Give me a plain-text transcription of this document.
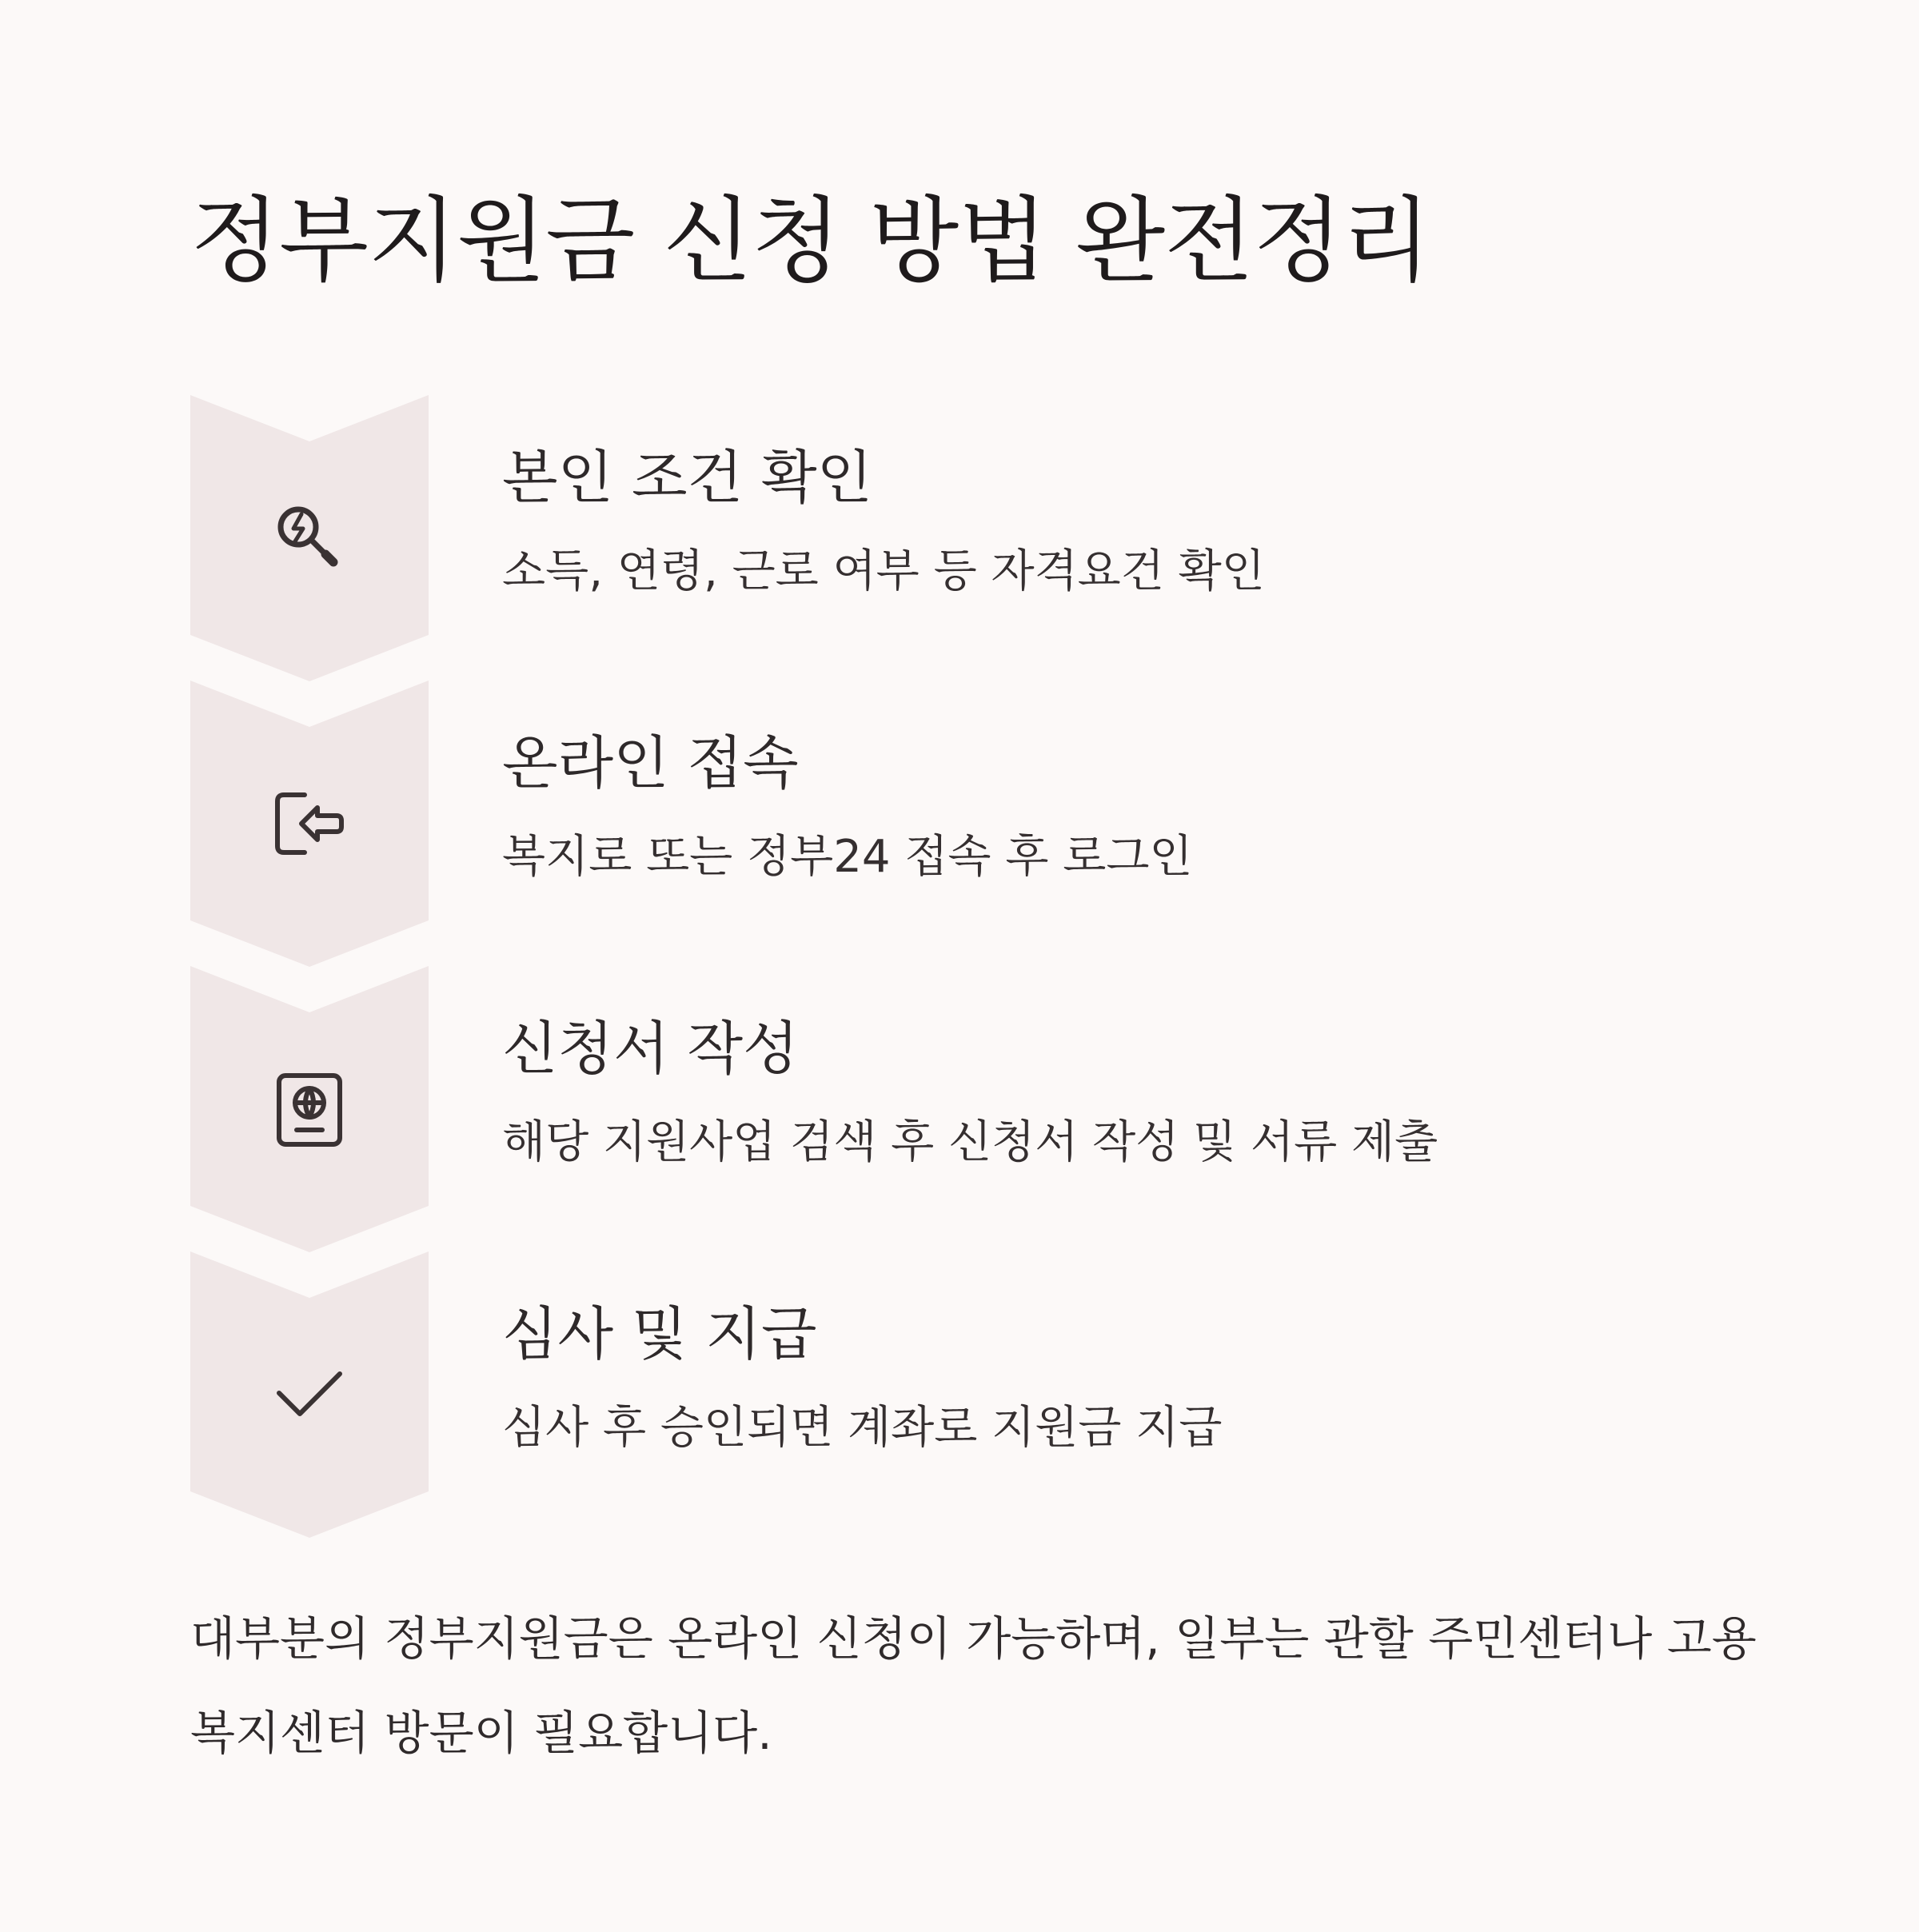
정부지원금 신청 방법 완전정리
본인 조건 확인
소득, 연령, 근로 여부 등 자격요건 확인
온라인 접속
복지로 또는 정부24 접속 후 로그인
신청서 작성
해당 지원사업 검색 후 신청서 작성 및 서류 제출
심사 및 지급
심사 후 승인되면 계좌로 지원금 지급
대부분의 정부지원금은 온라인 신청이 가능하며, 일부는 관할 주민센터나 고용
복지센터 방문이 필요합니다.
